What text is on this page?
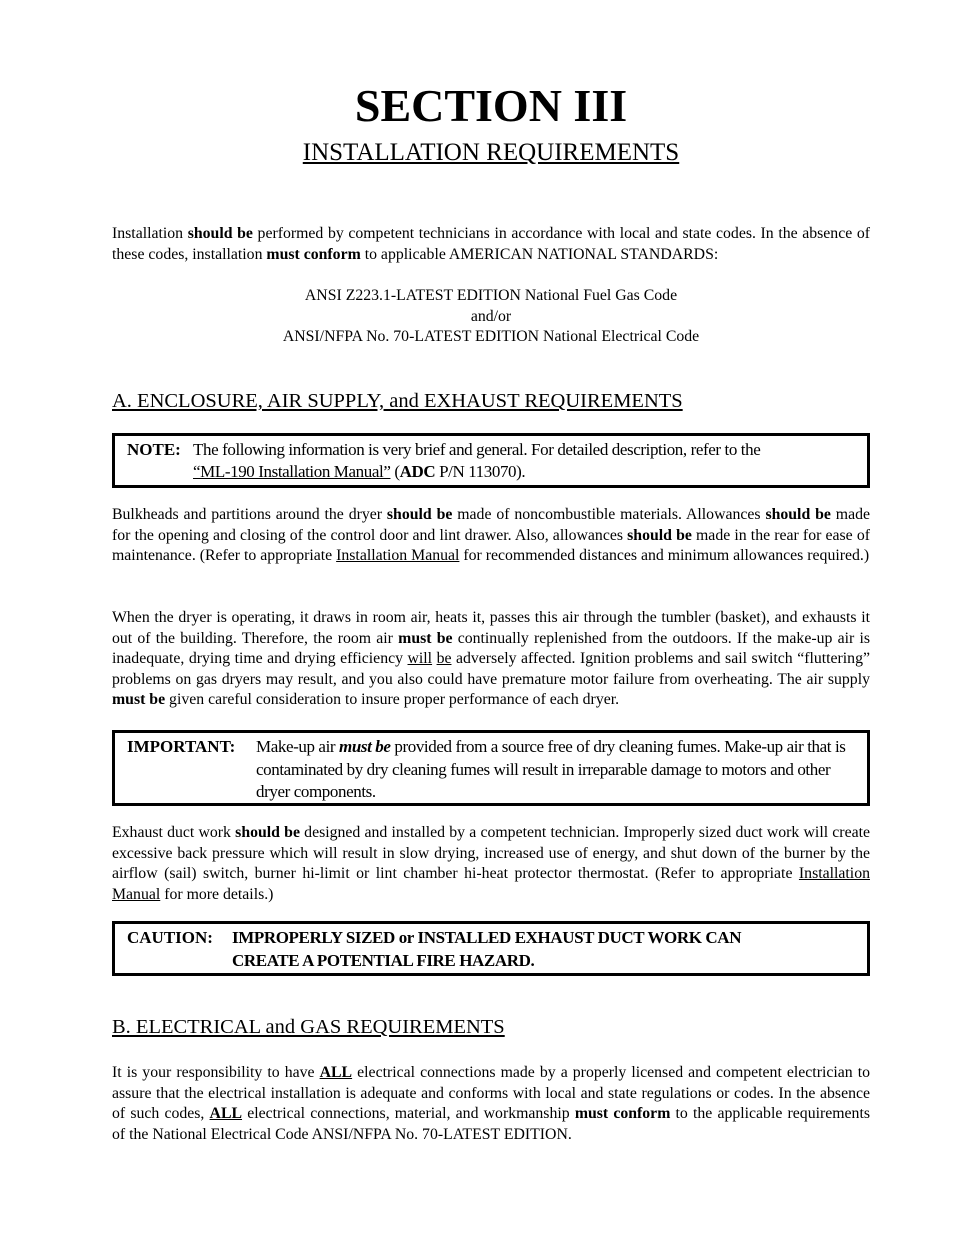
SECTION III
INSTALLATION REQUIREMENTS

Installation should be performed by competent technicians in accordance with local and state codes. In the absence of these codes, installation must conform to applicable AMERICAN NATIONAL STANDARDS:

ANSI Z223.1-LATEST EDITION National Fuel Gas Code
and/or
ANSI/NFPA No. 70-LATEST EDITION National Electrical Code
A. ENCLOSURE, AIR SUPPLY, and EXHAUST REQUIREMENTS
NOTE: The following information is very brief and general. For detailed description, refer to the
“ML-190 Installation Manual” (ADC P/N 113070).

Bulkheads and partitions around the dryer should be made of noncombustible materials. Allowances should be made for the opening and closing of the control door and lint drawer. Also, allowances should be made in the rear for ease of maintenance. (Refer to appropriate Installation Manual for recommended distances and minimum allowances required.)

When the dryer is operating, it draws in room air, heats it, passes this air through the tumbler (basket), and exhausts it out of the building. Therefore, the room air must be continually replenished from the outdoors. If the make-up air is inadequate, drying time and drying efficiency will be adversely affected. Ignition problems and sail switch “fluttering” problems on gas dryers may result, and you also could have premature motor failure from overheating. The air supply must be given careful consideration to insure proper performance of each dryer.

IMPORTANT: Make-up air must be provided from a source free of dry cleaning fumes. Make-up air that is contaminated by dry cleaning fumes will result in irreparable damage to motors and other dryer components.

Exhaust duct work should be designed and installed by a competent technician. Improperly sized duct work will create excessive back pressure which will result in slow drying, increased use of energy, and shut down of the burner by the airflow (sail) switch, burner hi-limit or lint chamber hi-heat protector thermostat. (Refer to appropriate Installation Manual for more details.)

CAUTION: IMPROPERLY SIZED or INSTALLED EXHAUST DUCT WORK CAN
CREATE A POTENTIAL FIRE HAZARD.
B. ELECTRICAL and GAS REQUIREMENTS

It is your responsibility to have ALL electrical connections made by a properly licensed and competent electrician to assure that the electrical installation is adequate and conforms with local and state regulations or codes. In the absence of such codes, ALL electrical connections, material, and workmanship must conform to the applicable requirements of the National Electrical Code ANSI/NFPA No. 70-LATEST EDITION.
